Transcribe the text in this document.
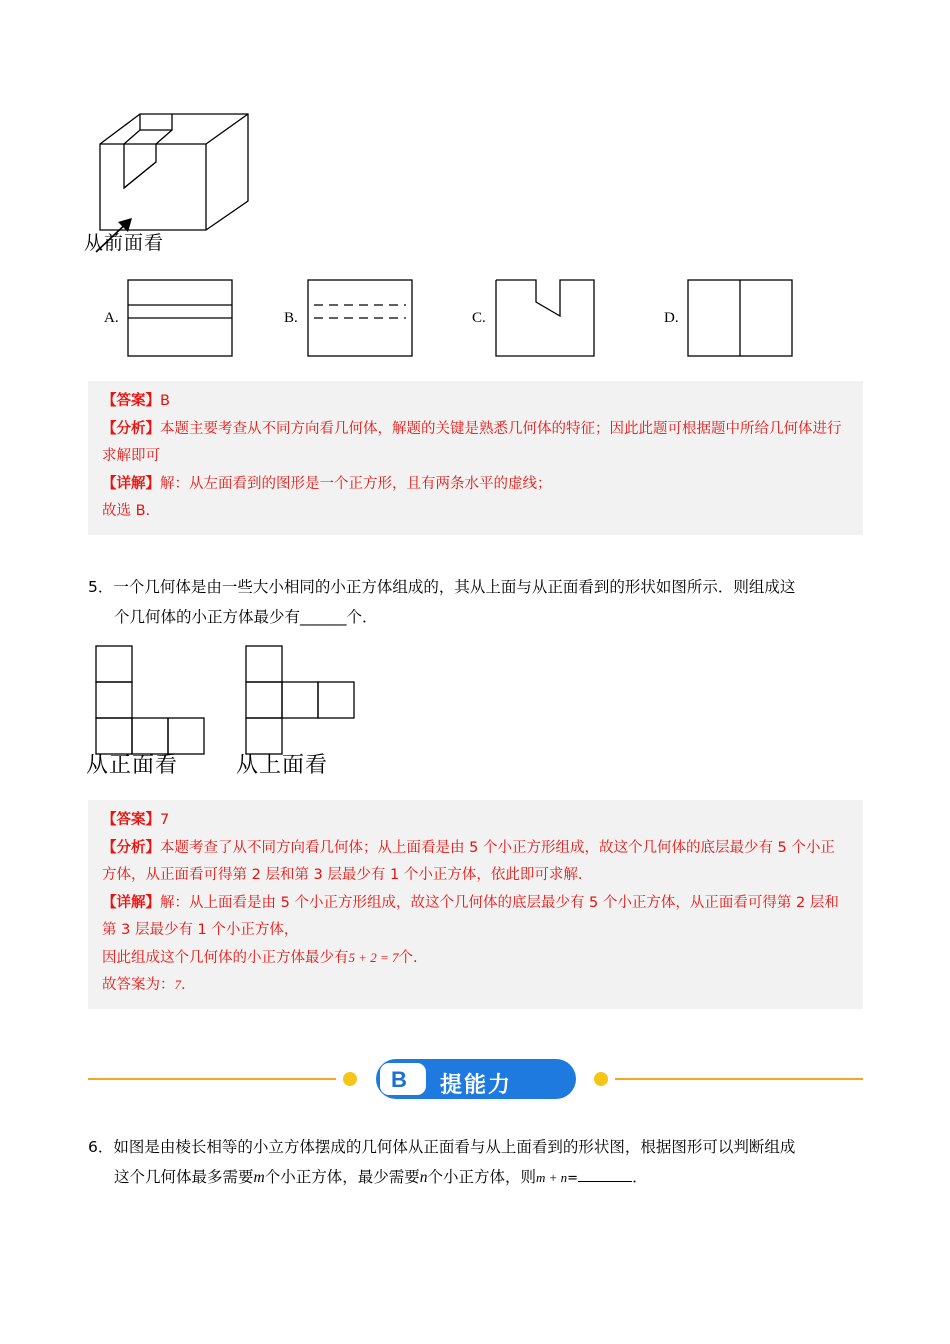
从前面看
A.	B.	C.	D.
【答案】B
【分析】本题主要考查从不同方向看几何体，解题的关键是熟悉几何体的特征；因此此题可根据题中所给几何体进行求解即可
【详解】解：从左面看到的图形是一个正方形，且有两条水平的虚线；
故选 B.
5．一个几何体是由一些大小相同的小正方体组成的，其从上面与从正面看到的形状如图所示．则组成这
个几何体的小正方体最少有______个．
从正面看	从上面看
【答案】7
【分析】本题考查了从不同方向看几何体；从上面看是由 5 个小正方形组成，故这个几何体的底层最少有 5 个小正方体，从正面看可得第 2 层和第 3 层最少有 1 个小正方体，依此即可求解.
【详解】解：从上面看是由 5 个小正方形组成，故这个几何体的底层最少有 5 个小正方体，从正面看可得第 2 层和第 3 层最少有 1 个小正方体，
因此组成这个几何体的小正方体最少有5 + 2 = 7个.
故答案为：7．
B 提能力
6．如图是由棱长相等的小立方体摆成的几何体从正面看与从上面看到的形状图，根据图形可以判断组成
这个几何体最多需要m个小正方体，最少需要n个小正方体，则m + n=	．
